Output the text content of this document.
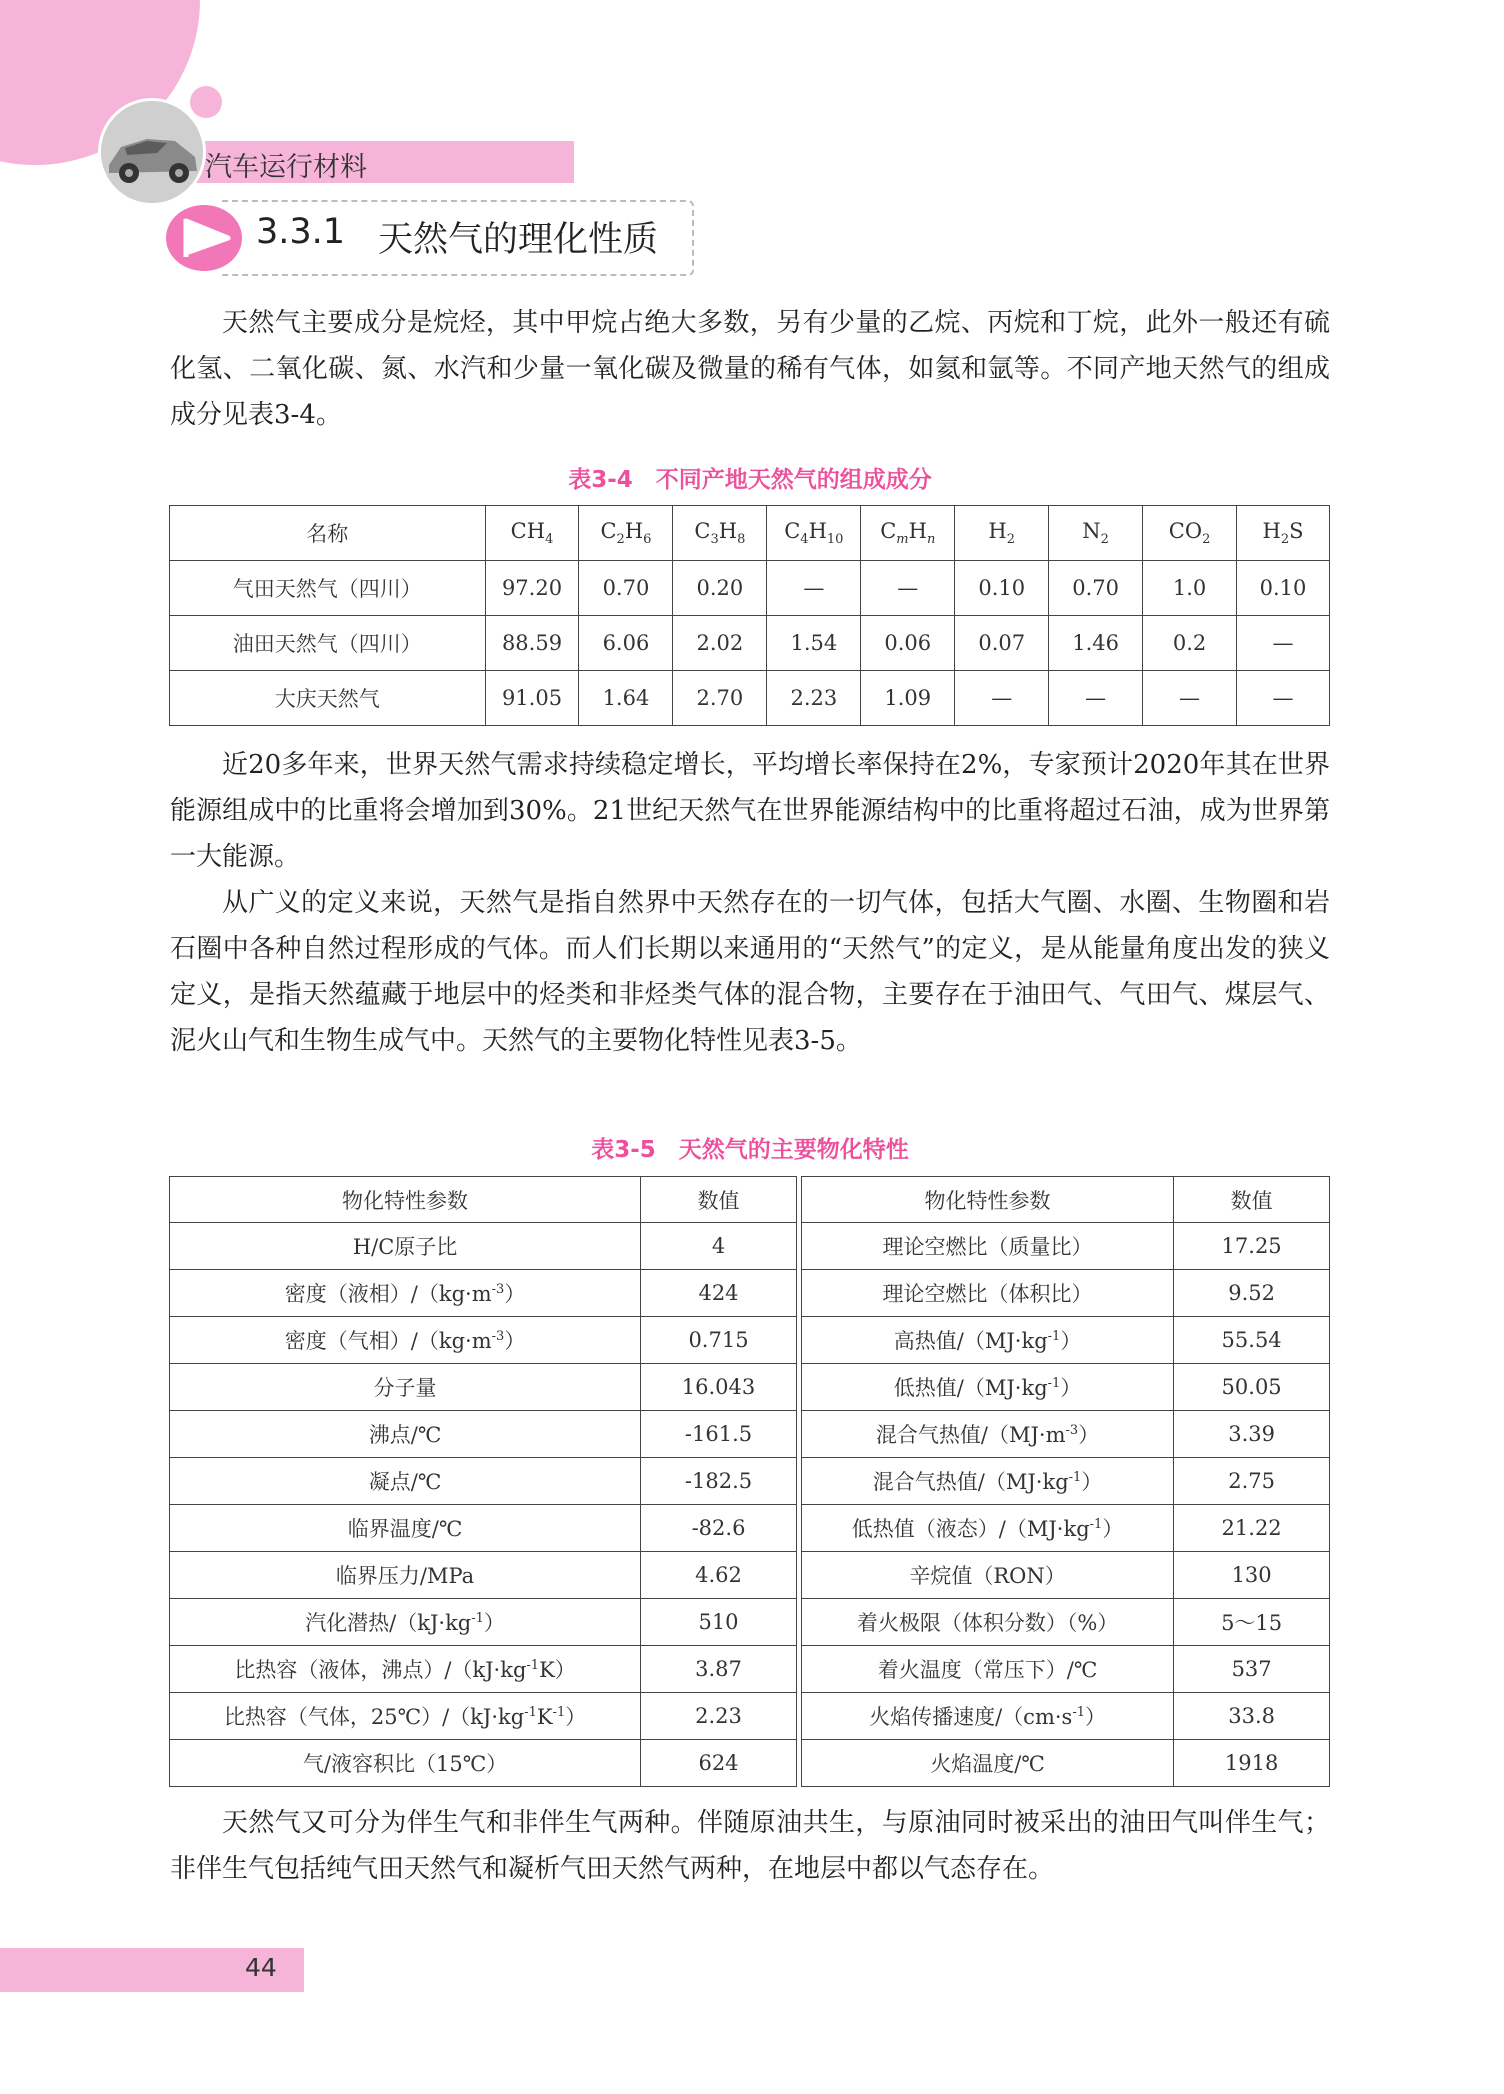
汽车运行材料
3.3.1 天然气的理化性质

天然气主要成分是烷烃，其中甲烷占绝大多数，另有少量的乙烷、丙烷和丁烷，此外一般还有硫化氢、二氧化碳、氮、水汽和少量一氧化碳及微量的稀有气体，如氦和氩等。不同产地天然气的组成成分见表3-4。

表3-4　不同产地天然气的组成成分
名称	$CH_4$	$C_2H_6$	$C_3H_8$	$C_4H_{10}$	$C_mH_n$	$H_2$	$N_2$	$CO_2$	$H_2S$
气田天然气（四川）	97.20	0.70	0.20	—	—	0.10	0.70	1.0	0.10
油田天然气（四川）	88.59	6.06	2.02	1.54	0.06	0.07	1.46	0.2	—
大庆天然气	91.05	1.64	2.70	2.23	1.09	—	—	—	—

近20多年来，世界天然气需求持续稳定增长，平均增长率保持在2%，专家预计2020年其在世界能源组成中的比重将会增加到30%。21世纪天然气在世界能源结构中的比重将超过石油，成为世界第一大能源。

从广义的定义来说，天然气是指自然界中天然存在的一切气体，包括大气圈、水圈、生物圈和岩石圈中各种自然过程形成的气体。而人们长期以来通用的“天然气”的定义，是从能量角度出发的狭义定义，是指天然蕴藏于地层中的烃类和非烃类气体的混合物，主要存在于油田气、气田气、煤层气、泥火山气和生物生成气中。天然气的主要物化特性见表3-5。

表3-5　天然气的主要物化特性
物化特性参数	数值		物化特性参数	数值
H/C原子比	4		理论空燃比（质量比）	17.25
密度（液相）$/(kg\cdot m^{-3})$	424		理论空燃比（体积比）	9.52
密度（气相）$/(kg\cdot m^{-3})$	0.715		高热值$/(MJ\cdot kg^{-1})$	55.54
分子量	16.043		低热值$/(MJ\cdot kg^{-1})$	50.05
沸点/℃	-161.5		混合气热值$/(MJ\cdot m^{-3})$	3.39
凝点/℃	-182.5		混合气热值$/(MJ\cdot kg^{-1})$	2.75
临界温度/℃	-82.6		低热值（液态）$/(MJ\cdot kg^{-1})$	21.22
临界压力/MPa	4.62		辛烷值（RON）	130
汽化潜热$/(kJ\cdot kg^{-1})$	510		着火极限（体积分数）（%）	5～15
比热容（液体，沸点）$/(kJ\cdot kg^{-1}K)$	3.87		着火温度（常压下）/℃	537
比热容（气体，$25℃)/(kJ\cdot kg^{-1}K^{-1})$	2.23		火焰传播速度$/(cm\cdot s^{-1})$	33.8
气/液容积比（15℃）	624		火焰温度/℃	1918

天然气又可分为伴生气和非伴生气两种。伴随原油共生，与原油同时被采出的油田气叫伴生气；非伴生气包括纯气田天然气和凝析气田天然气两种，在地层中都以气态存在。

44
